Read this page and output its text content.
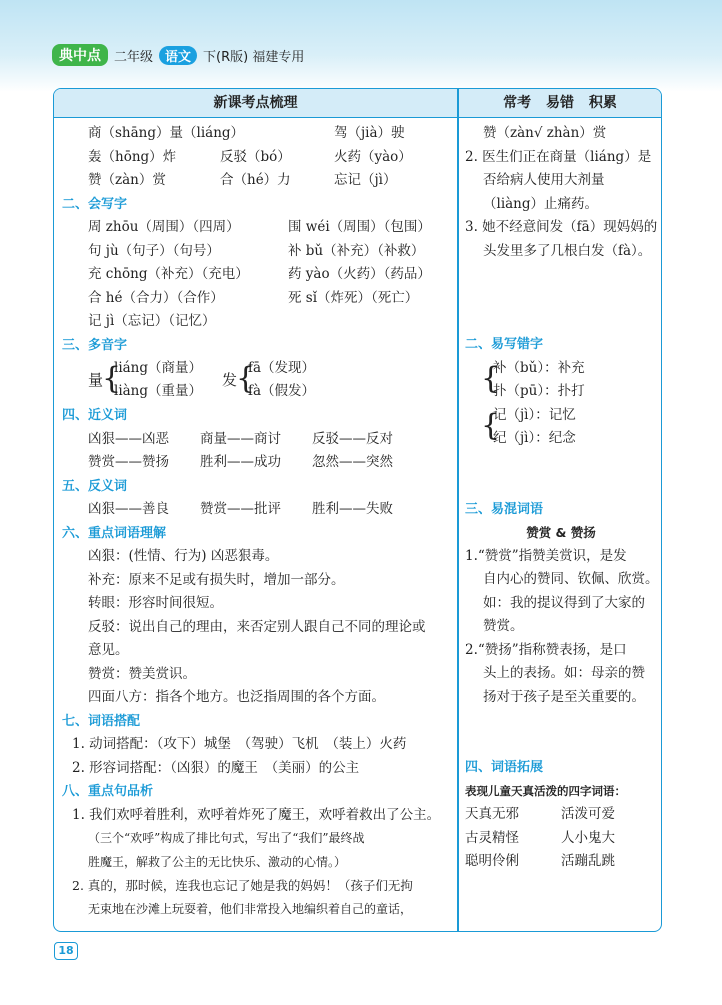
典中点	二年级 语文 下(R版) 福建专用
新课考点梳理	常考 易错 积累
商（shāng）量（liáng）	驾（jià）驶
轰（hōng）炸	反驳（bó）	火药（yào）
赞（zàn）赏	合（hé）力	忘记（jì）
二、会写字
周 zhōu（周围）（四周）	围 wéi（周围）（包围）
句 jù（句子）（句号）	补 bǔ（补充）（补救）
充 chōng（补充）（充电）	药 yào（火药）（药品）
合 hé（合力）（合作）	死 sǐ（炸死）（死亡）
记 jì（忘记）（记忆）
三、多音字
量
{
liáng（商量）
liàng（重量）
发
{
fā（发现）
fà（假发）
四、近义词
凶狠——凶恶 商量——商讨 反驳——反对
赞赏——赞扬 胜利——成功 忽然——突然
五、反义词
凶狠——善良 赞赏——批评 胜利——失败
六、重点词语理解
凶狠：(性情、行为) 凶恶狠毒。
补充：原来不足或有损失时，增加一部分。
转眼：形容时间很短。
反驳：说出自己的理由，来否定别人跟自己不同的理论或
意见。
赞赏：赞美赏识。
四面八方：指各个地方。也泛指周围的各个方面。
七、词语搭配
1. 动词搭配：（攻下）城堡　（驾驶）飞机　（装上）火药
2. 形容词搭配：（凶狠）的魔王　（美丽）的公主
八、重点句品析
1. 我们欢呼着胜利，欢呼着炸死了魔王，欢呼着救出了公主。
（三个“欢呼”构成了排比句式，写出了“我们”最终战
胜魔王，解救了公主的无比快乐、激动的心情。）
2. 真的，那时候，连我也忘记了她是我的妈妈！（孩子们无拘
无束地在沙滩上玩耍着，他们非常投入地编织着自己的童话，
赞（zàn√ zhàn）赏
2. 医生们正在商量（liáng）是
否给病人使用大剂量
（liàng）止痛药。
3. 她不经意间发（fā）现妈妈的
头发里多了几根白发（fà）。
二、易写错字
{
补（bǔ）：补充
扑（pū）：扑打
{
记（jì）：记忆
纪（jì）：纪念
三、易混词语
赞赏 & 赞扬
1.“赞赏”指赞美赏识，是发
自内心的赞同、钦佩、欣赏。
如：我的提议得到了大家的
赞赏。
2.“赞扬”指称赞表扬，是口
头上的表扬。如：母亲的赞
扬对于孩子是至关重要的。
四、词语拓展
表现儿童天真活泼的四字词语：
天真无邪	活泼可爱
古灵精怪	人小鬼大
聪明伶俐	活蹦乱跳
18
